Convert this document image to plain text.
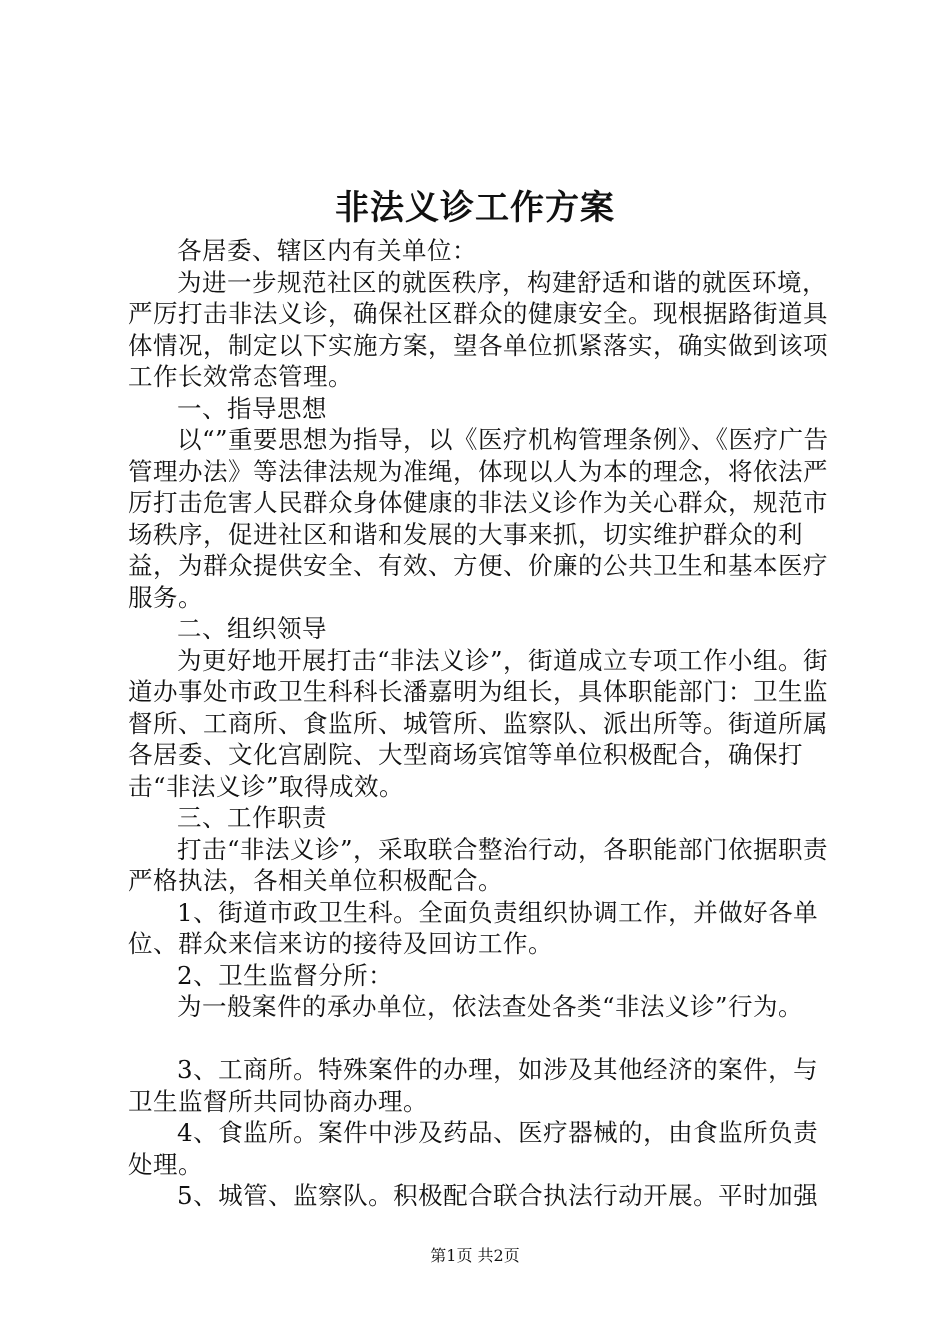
非法义诊工作方案

各居委、辖区内有关单位：

为进一步规范社区的就医秩序，构建舒适和谐的就医环境，严厉打击非法义诊，确保社区群众的健康安全。现根据路街道具体情况，制定以下实施方案，望各单位抓紧落实，确实做到该项工作长效常态管理。

一、指导思想

以“”重要思想为指导，以《医疗机构管理条例》、《医疗广告管理办法》等法律法规为准绳，体现以人为本的理念，将依法严厉打击危害人民群众身体健康的非法义诊作为关心群众，规范市场秩序，促进社区和谐和发展的大事来抓，切实维护群众的利益，为群众提供安全、有效、方便、价廉的公共卫生和基本医疗服务。

二、组织领导

为更好地开展打击“非法义诊”，街道成立专项工作小组。街道办事处市政卫生科科长潘嘉明为组长，具体职能部门：卫生监督所、工商所、食监所、城管所、监察队、派出所等。街道所属各居委、文化宫剧院、大型商场宾馆等单位积极配合，确保打击“非法义诊”取得成效。

三、工作职责

打击“非法义诊”，采取联合整治行动，各职能部门依据职责严格执法，各相关单位积极配合。

1、街道市政卫生科。全面负责组织协调工作，并做好各单位、群众来信来访的接待及回访工作。

2、卫生监督分所：

为一般案件的承办单位，依法查处各类“非法义诊”行为。

3、工商所。特殊案件的办理，如涉及其他经济的案件，与卫生监督所共同协商办理。

4、食监所。案件中涉及药品、医疗器械的，由食监所负责处理。

5、城管、监察队。积极配合联合执法行动开展。平时加强

第1页 共2页
